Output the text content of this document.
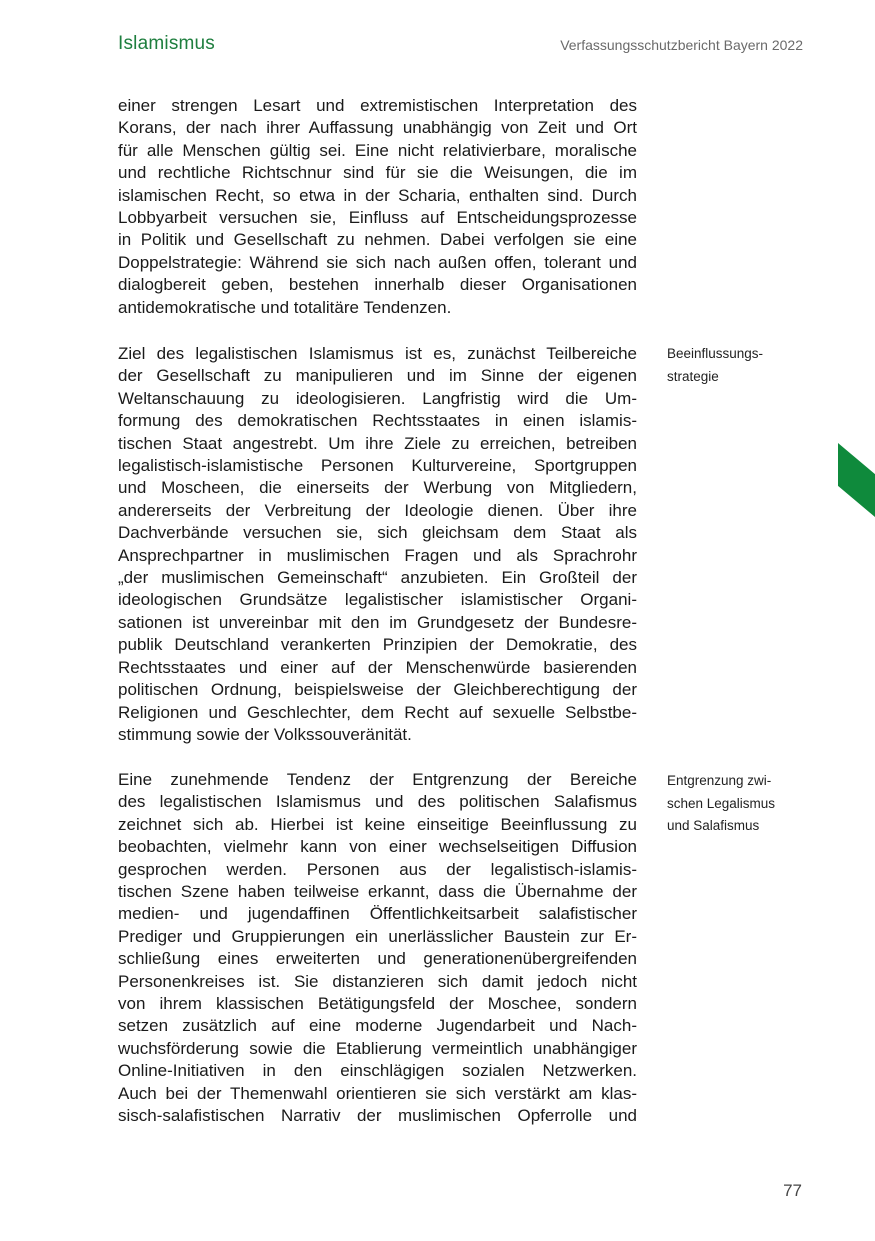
Islamismus	Verfassungsschutzbericht Bayern 2022
einer strengen Lesart und extremistischen Interpretation des
Korans, der nach ihrer Auffassung unabhängig von Zeit und Ort
für alle Menschen gültig sei. Eine nicht relativierbare, moralische
und rechtliche Richtschnur sind für sie die Weisungen, die im
islamischen Recht, so etwa in der Scharia, enthalten sind. Durch
Lobbyarbeit versuchen sie, Einfluss auf Entscheidungsprozesse
in Politik und Gesellschaft zu nehmen. Dabei verfolgen sie eine
Doppelstrategie: Während sie sich nach außen offen, tolerant und
dialogbereit geben, bestehen innerhalb dieser Organisationen
antidemokratische und totalitäre Tendenzen.
Ziel des legalistischen Islamismus ist es, zunächst Teilbereiche
der Gesellschaft zu manipulieren und im Sinne der eigenen
Weltanschauung zu ideologisieren. Langfristig wird die Um-
formung des demokratischen Rechtsstaates in einen islamis-
tischen Staat angestrebt. Um ihre Ziele zu erreichen, betreiben
legalistisch-islamistische Personen Kulturvereine, Sportgruppen
und Moscheen, die einerseits der Werbung von Mitgliedern,
andererseits der Verbreitung der Ideologie dienen. Über ihre
Dachverbände versuchen sie, sich gleichsam dem Staat als
Ansprechpartner in muslimischen Fragen und als Sprachrohr
„der muslimischen Gemeinschaft“ anzubieten. Ein Großteil der
ideologischen Grundsätze legalistischer islamistischer Organi-
sationen ist unvereinbar mit den im Grundgesetz der Bundesre-
publik Deutschland verankerten Prinzipien der Demokratie, des
Rechtsstaates und einer auf der Menschenwürde basierenden
politischen Ordnung, beispielsweise der Gleichberechtigung der
Religionen und Geschlechter, dem Recht auf sexuelle Selbstbe-
stimmung sowie der Volkssouveränität.
Eine zunehmende Tendenz der Entgrenzung der Bereiche
des legalistischen Islamismus und des politischen Salafismus
zeichnet sich ab. Hierbei ist keine einseitige Beeinflussung zu
beobachten, vielmehr kann von einer wechselseitigen Diffusion
gesprochen werden. Personen aus der legalistisch-islamis-
tischen Szene haben teilweise erkannt, dass die Übernahme der
medien- und jugendaffinen Öffentlichkeitsarbeit salafistischer
Prediger und Gruppierungen ein unerlässlicher Baustein zur Er-
schließung eines erweiterten und generationenübergreifenden
Personenkreises ist. Sie distanzieren sich damit jedoch nicht
von ihrem klassischen Betätigungsfeld der Moschee, sondern
setzen zusätzlich auf eine moderne Jugendarbeit und Nach-
wuchsförderung sowie die Etablierung vermeintlich unabhängiger
Online-Initiativen in den einschlägigen sozialen Netzwerken.
Auch bei der Themenwahl orientieren sie sich verstärkt am klas-
sisch-salafistischen Narrativ der muslimischen Opferrolle und
Beeinflussungs-
strategie
Entgrenzung zwi-
schen Legalismus
und Salafismus
77
